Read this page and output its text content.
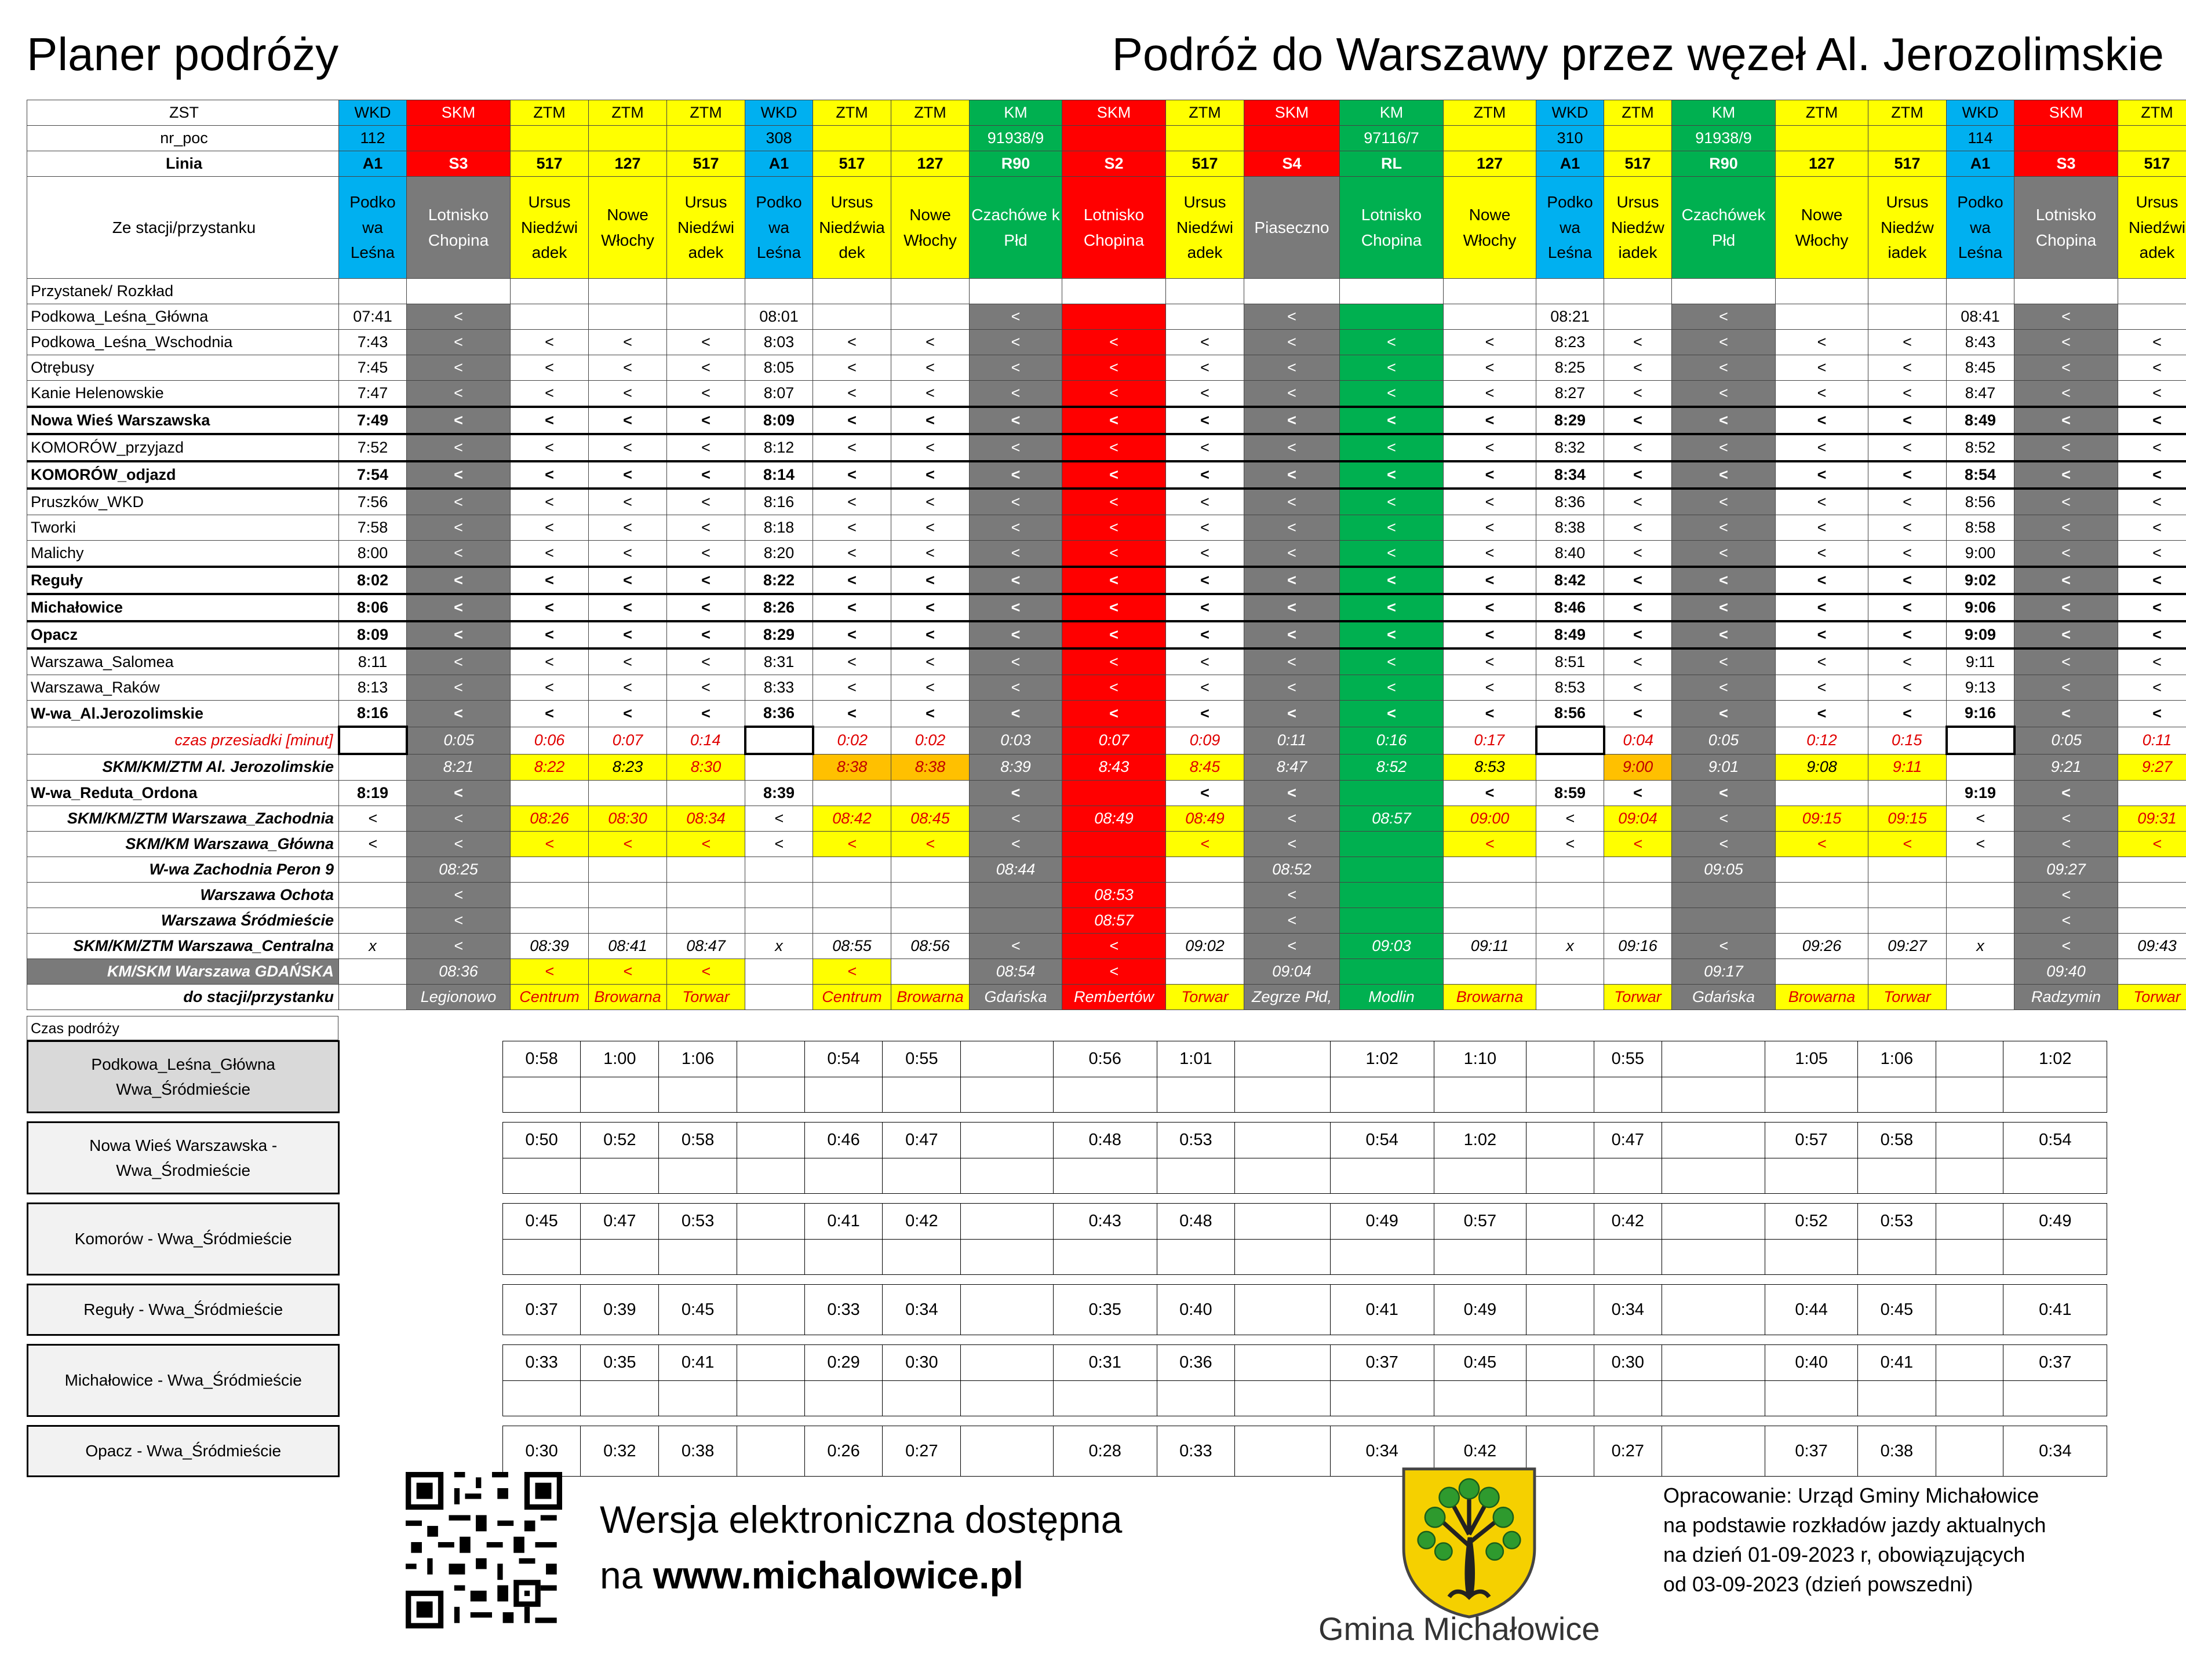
Planer podróży	Podróż do Warszawy przez węzeł Al. Jerozolimskie
ZST	WKD	SKM	ZTM	ZTM	ZTM	WKD	ZTM	ZTM	KM	SKM	ZTM	SKM	KM	ZTM	WKD	ZTM	KM	ZTM	ZTM	WKD	SKM	ZTM
nr_poc	112					308			91938/9				97116/7		310		91938/9			114		
Linia	A1	S3	517	127	517	A1	517	127	R90	S2	517	S4	RL	127	A1	517	R90	127	517	A1	S3	517
Ze stacji/przystanku	Podko wa Leśna	Lotnisko Chopina	Ursus Niedźwi adek	Nowe Włochy	Ursus Niedźwi adek	Podko wa Leśna	Ursus Niedźwia dek	Nowe Włochy	Czachówe k Płd	Lotnisko Chopina	Ursus Niedźwi adek	Piaseczno	Lotnisko Chopina	Nowe Włochy	Podko wa Leśna	Ursus Niedźw iadek	Czachówek Płd	Nowe Włochy	Ursus Niedźw iadek	Podko wa Leśna	Lotnisko Chopina	Ursus Niedźwi adek
Przystanek/ Rozkład																						
Podkowa_Leśna_Główna	07:41	<				08:01			<			<			08:21		<			08:41	<	
Podkowa_Leśna_Wschodnia	7:43	<	<	<	<	8:03	<	<	<	<	<	<	<	<	8:23	<	<	<	<	8:43	<	<
Otrębusy	7:45	<	<	<	<	8:05	<	<	<	<	<	<	<	<	8:25	<	<	<	<	8:45	<	<
Kanie Helenowskie	7:47	<	<	<	<	8:07	<	<	<	<	<	<	<	<	8:27	<	<	<	<	8:47	<	<
Nowa Wieś Warszawska	7:49	<	<	<	<	8:09	<	<	<	<	<	<	<	<	8:29	<	<	<	<	8:49	<	<
KOMORÓW_przyjazd	7:52	<	<	<	<	8:12	<	<	<	<	<	<	<	<	8:32	<	<	<	<	8:52	<	<
KOMORÓW_odjazd	7:54	<	<	<	<	8:14	<	<	<	<	<	<	<	<	8:34	<	<	<	<	8:54	<	<
Pruszków_WKD	7:56	<	<	<	<	8:16	<	<	<	<	<	<	<	<	8:36	<	<	<	<	8:56	<	<
Tworki	7:58	<	<	<	<	8:18	<	<	<	<	<	<	<	<	8:38	<	<	<	<	8:58	<	<
Malichy	8:00	<	<	<	<	8:20	<	<	<	<	<	<	<	<	8:40	<	<	<	<	9:00	<	<
Reguły	8:02	<	<	<	<	8:22	<	<	<	<	<	<	<	<	8:42	<	<	<	<	9:02	<	<
Michałowice	8:06	<	<	<	<	8:26	<	<	<	<	<	<	<	<	8:46	<	<	<	<	9:06	<	<
Opacz	8:09	<	<	<	<	8:29	<	<	<	<	<	<	<	<	8:49	<	<	<	<	9:09	<	<
Warszawa_Salomea	8:11	<	<	<	<	8:31	<	<	<	<	<	<	<	<	8:51	<	<	<	<	9:11	<	<
Warszawa_Raków	8:13	<	<	<	<	8:33	<	<	<	<	<	<	<	<	8:53	<	<	<	<	9:13	<	<
W-wa_Al.Jerozolimskie	8:16	<	<	<	<	8:36	<	<	<	<	<	<	<	<	8:56	<	<	<	<	9:16	<	<
czas przesiadki [minut]		0:05	0:06	0:07	0:14		0:02	0:02	0:03	0:07	0:09	0:11	0:16	0:17		0:04	0:05	0:12	0:15		0:05	0:11
SKM/KM/ZTM Al. Jerozolimskie		8:21	8:22	8:23	8:30		8:38	8:38	8:39	8:43	8:45	8:47	8:52	8:53		9:00	9:01	9:08	9:11		9:21	9:27
W-wa_Reduta_Ordona	8:19	<				8:39			<		<	<		<	8:59	<	<			9:19	<	
SKM/KM/ZTM Warszawa_Zachodnia	<	<	08:26	08:30	08:34	<	08:42	08:45	<	08:49	08:49	<	08:57	09:00	<	09:04	<	09:15	09:15	<	<	09:31
SKM/KM Warszawa_Główna	<	<	<	<	<	<	<	<	<		<	<		<	<	<	<	<	<	<	<	<
W-wa Zachodnia Peron 9		08:25							08:44			08:52					09:05				09:27	
Warszawa Ochota		<								08:53		<									<	
Warszawa Śródmieście		<								08:57		<									<	
SKM/KM/ZTM Warszawa_Centralna	x	<	08:39	08:41	08:47	x	08:55	08:56	<	<	09:02	<	09:03	09:11	x	09:16	<	09:26	09:27	x	<	09:43
KM/SKM Warszawa GDAŃSKA		08:36	<	<	<		<		08:54	<		09:04					09:17				09:40	
do stacji/przystanku		Legionowo	Centrum	Browarna	Torwar		Centrum	Browarna	Gdańska	Rembertów	Torwar	Zegrze Płd,	Modlin	Browarna		Torwar	Gdańska	Browarna	Torwar		Radzymin	Torwar
Czas podróży
Podkowa_Leśna_Główna Wwa_Śródmieście			0:58	1:00	1:06		0:54	0:55		0:56	1:01		1:02	1:10		0:55		1:05	1:06		1:02

Nowa Wieś Warszawska - Wwa_Środmieście			0:50	0:52	0:58		0:46	0:47		0:48	0:53		0:54	1:02		0:47		0:57	0:58		0:54

Komorów - Wwa_Śródmieście			0:45	0:47	0:53		0:41	0:42		0:43	0:48		0:49	0:57		0:42		0:52	0:53		0:49

Reguły - Wwa_Śródmieście			0:37	0:39	0:45		0:33	0:34		0:35	0:40		0:41	0:49		0:34		0:44	0:45		0:41

Michałowice - Wwa_Śródmieście			0:33	0:35	0:41		0:29	0:30		0:31	0:36		0:37	0:45		0:30		0:40	0:41		0:37

Opacz - Wwa_Śródmieście			0:30	0:32	0:38		0:26	0:27		0:28	0:33		0:34	0:42		0:27		0:37	0:38		0:34

Wersja elektroniczna dostępna
na www.michalowice.pl
Gmina Michałowice
Opracowanie: Urząd Gminy Michałowice
na podstawie rozkładów jazdy aktualnych
na dzień 01-09-2023 r, obowiązujących
od 03-09-2023 (dzień powszedni)
